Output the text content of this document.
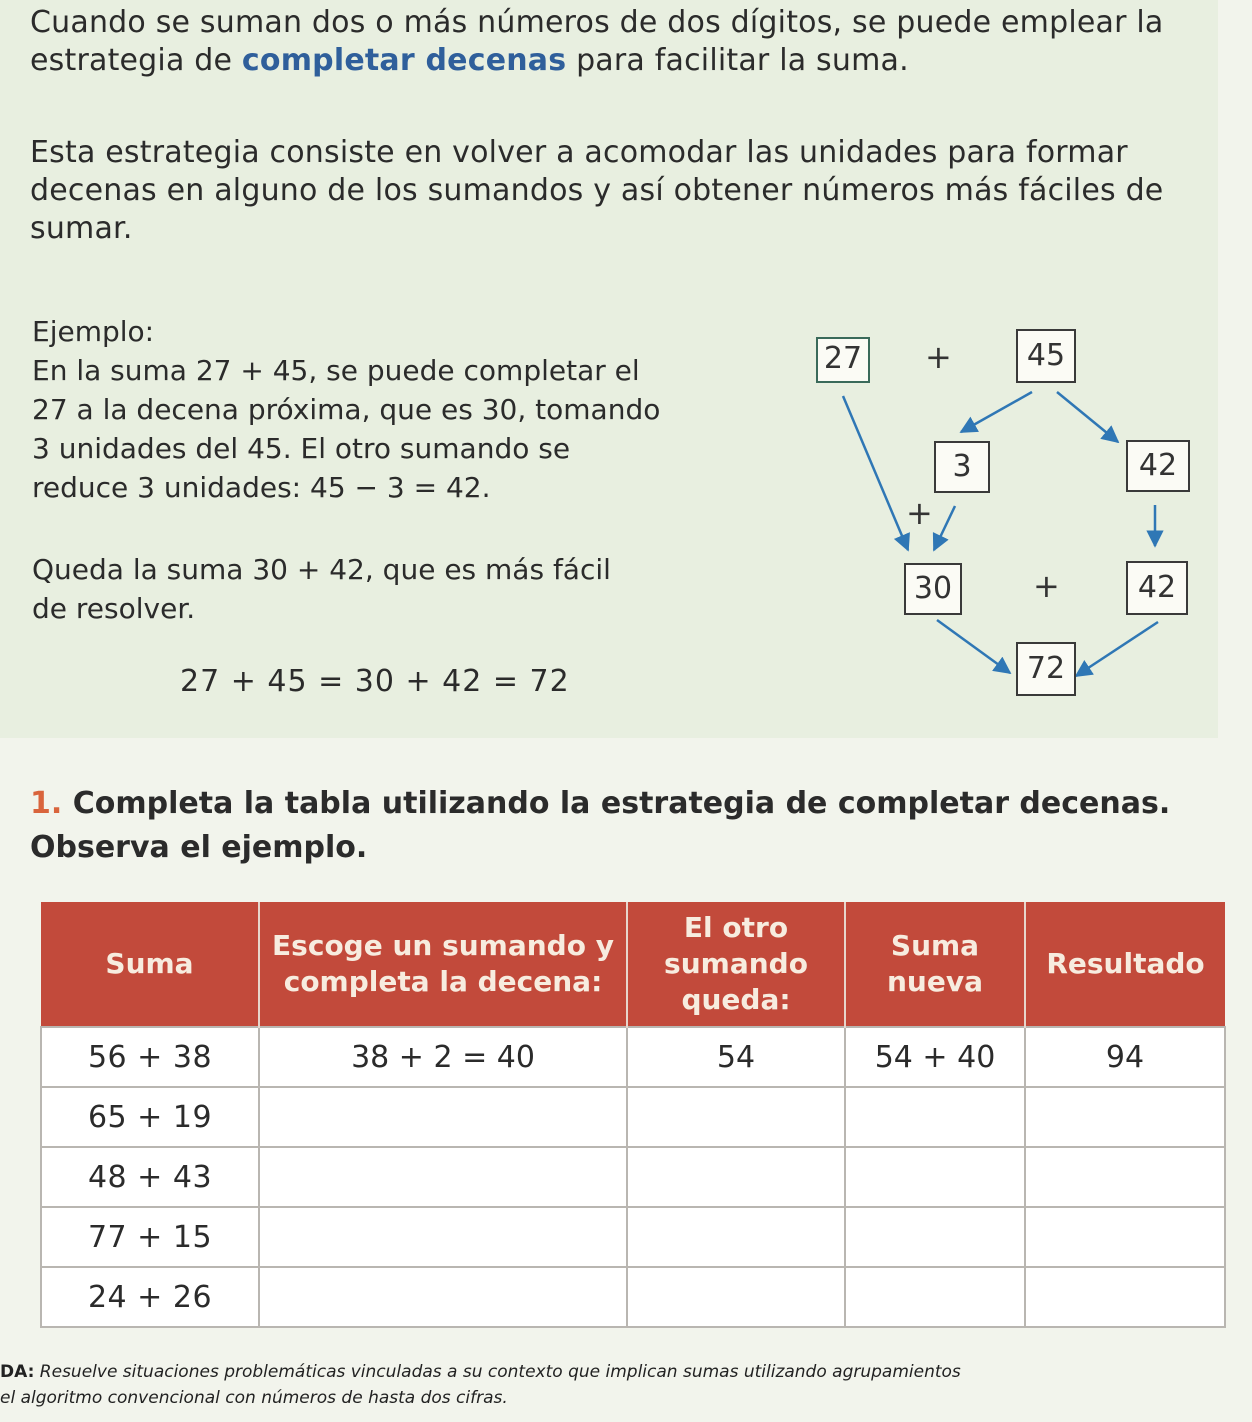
Cuando se suman dos o más números de dos dígitos, se puede emplear la estrategia de completar decenas para facilitar la suma.

Esta estrategia consiste en volver a acomodar las unidades para formar decenas en alguno de los sumandos y así obtener números más fáciles de sumar.

Ejemplo:
En la suma 27 + 45, se puede completar el
27 a la decena próxima, que es 30, tomando
3 unidades del 45. El otro sumando se
reduce 3 unidades: 45 − 3 = 42.
Queda la suma 30 + 42, que es más fácil
de resolver.
27 + 45 = 30 + 42 = 72
27 +	45
3	42
+
30	+	42
72
1. Completa la tabla utilizando la estrategia de completar decenas.
Observa el ejemplo.
Suma	Escoge un sumando y completa la decena:	El otro sumando queda:	Suma nueva	Resultado
56 + 38	38 + 2 = 40	54	54 + 40	94
65 + 19				
48 + 43				
77 + 15				
24 + 26				

DA: Resuelve situaciones problemáticas vinculadas a su contexto que implican sumas utilizando agrupamientos

el algoritmo convencional con números de hasta dos cifras.
